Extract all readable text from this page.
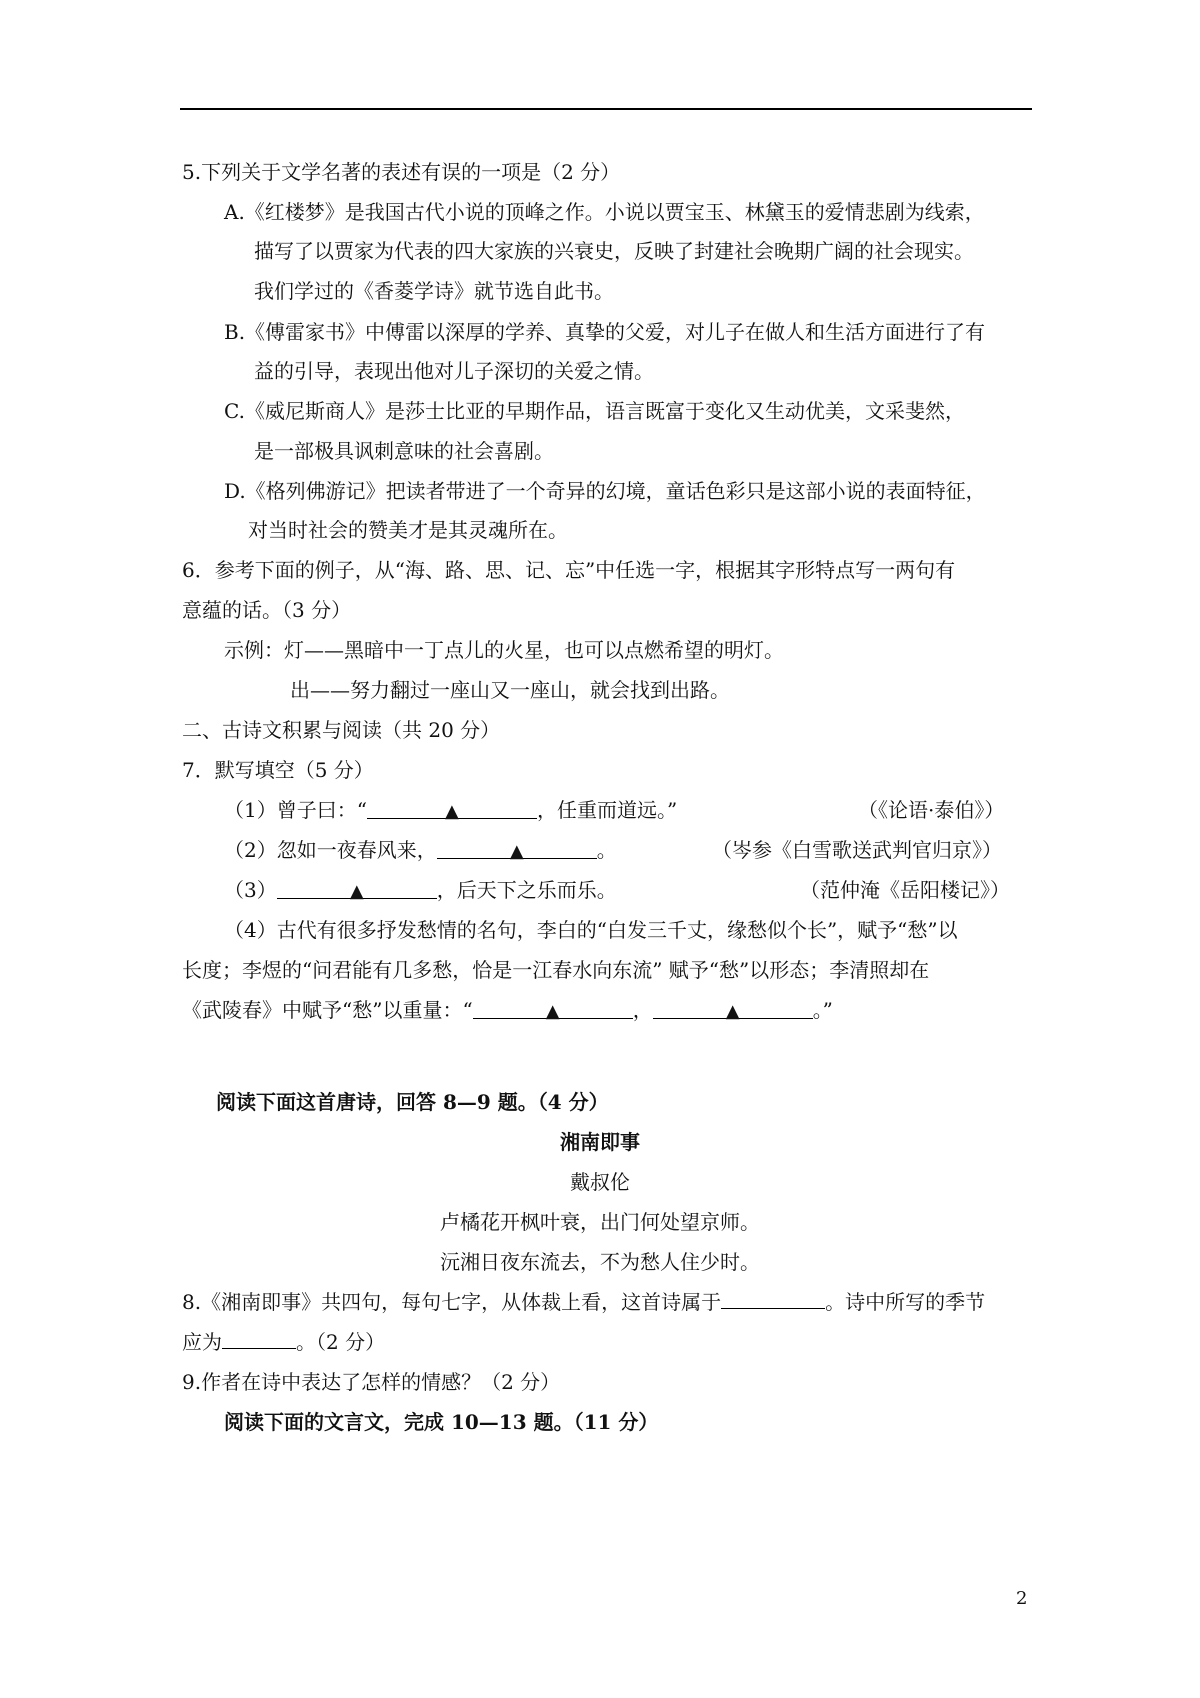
5.下列关于文学名著的表述有误的一项是（2 分）
A.《红楼梦》是我国古代小说的顶峰之作。小说以贾宝玉、林黛玉的爱情悲剧为线索，
描写了以贾家为代表的四大家族的兴衰史，反映了封建社会晚期广阔的社会现实。
我们学过的《香菱学诗》就节选自此书。
B.《傅雷家书》中傅雷以深厚的学养、真挚的父爱，对儿子在做人和生活方面进行了有
益的引导，表现出他对儿子深切的关爱之情。
C.《威尼斯商人》是莎士比亚的早期作品，语言既富于变化又生动优美，文采斐然，
是一部极具讽刺意味的社会喜剧。
D.《格列佛游记》把读者带进了一个奇异的幻境，童话色彩只是这部小说的表面特征，
对当时社会的赞美才是其灵魂所在。
6．参考下面的例子，从“海、路、思、记、忘”中任选一字，根据其字形特点写一两句有
意蕴的话。（3 分）
示例：灯——黑暗中一丁点儿的火星，也可以点燃希望的明灯。
出——努力翻过一座山又一座山，就会找到出路。
二、古诗文积累与阅读（共 20 分）
7．默写填空（5 分）
（1）曾子曰：“	▲	，任重而道远。”	（《论语·泰伯》）
（2）忽如一夜春风来，	▲	。	（岑参《白雪歌送武判官归京》）
（3）	▲	，后天下之乐而乐。	（范仲淹《岳阳楼记》）
（4）古代有很多抒发愁情的名句，李白的“白发三千丈，缘愁似个长”，赋予“愁”以
长度；李煜的“问君能有几多愁，恰是一江春水向东流” 赋予“愁”以形态；李清照却在
《武陵春》中赋予“愁”以重量：“	▲	，	▲	。”
阅读下面这首唐诗，回答 8—9 题。（4 分）
湘南即事
戴叔伦
卢橘花开枫叶衰，出门何处望京师。
沅湘日夜东流去，不为愁人住少时。
8.《湘南即事》共四句，每句七字，从体裁上看，这首诗属于	。诗中所写的季节
应为	。（2 分）
9.作者在诗中表达了怎样的情感？（2 分）
阅读下面的文言文，完成 10—13 题。（11 分）
2
